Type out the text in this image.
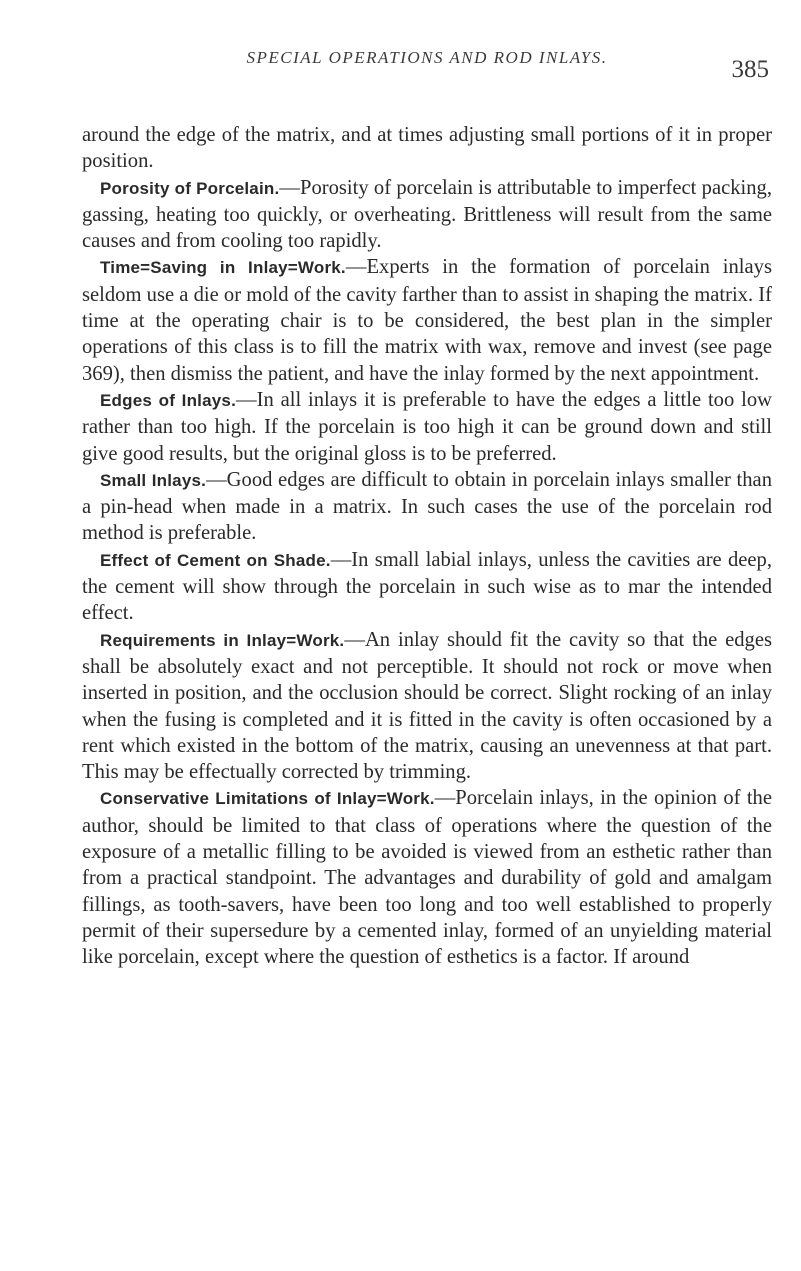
SPECIAL OPERATIONS AND ROD INLAYS.	385

around the edge of the matrix, and at times adjusting small portions of it in proper position.

Porosity of Porcelain.—Porosity of porcelain is attributable to imperfect packing, gassing, heating too quickly, or overheating. Brittleness will result from the same causes and from cooling too rapidly.

Time=Saving in Inlay=Work.—Experts in the formation of porcelain inlays seldom use a die or mold of the cavity farther than to assist in shaping the matrix. If time at the operating chair is to be considered, the best plan in the simpler operations of this class is to fill the matrix with wax, remove and invest (see page 369), then dismiss the patient, and have the inlay formed by the next appointment.

Edges of Inlays.—In all inlays it is preferable to have the edges a little too low rather than too high. If the porcelain is too high it can be ground down and still give good results, but the original gloss is to be preferred.

Small Inlays.—Good edges are difficult to obtain in porcelain inlays smaller than a pin-head when made in a matrix. In such cases the use of the porcelain rod method is preferable.

Effect of Cement on Shade.—In small labial inlays, unless the cavities are deep, the cement will show through the porcelain in such wise as to mar the intended effect.

Requirements in Inlay=Work.—An inlay should fit the cavity so that the edges shall be absolutely exact and not perceptible. It should not rock or move when inserted in position, and the occlusion should be correct. Slight rocking of an inlay when the fusing is completed and it is fitted in the cavity is often occasioned by a rent which existed in the bottom of the matrix, causing an unevenness at that part. This may be effectually corrected by trimming.

Conservative Limitations of Inlay=Work.—Porcelain inlays, in the opinion of the author, should be limited to that class of operations where the question of the exposure of a metallic filling to be avoided is viewed from an esthetic rather than from a practical standpoint. The advantages and durability of gold and amalgam fillings, as tooth-savers, have been too long and too well established to properly permit of their supersedure by a cemented inlay, formed of an unyielding material like porcelain, except where the question of esthetics is a factor. If around
